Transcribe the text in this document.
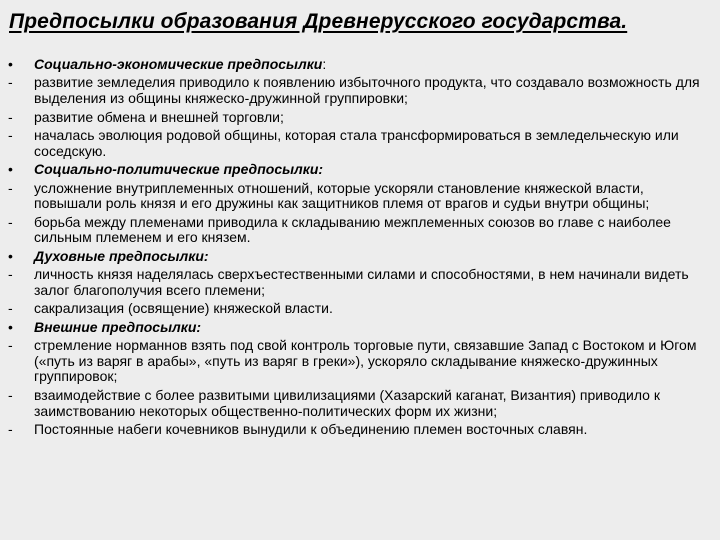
Предпосылки образования Древнерусского государства.
•	Социально-экономические предпосылки:
-	развитие земледелия приводило к появлению избыточного продукта, что создавало возможность для выделения из общины княжеско-дружинной группировки;
-	развитие обмена и внешней торговли;
-	началась эволюция родовой общины, которая стала трансформироваться в земледельческую или соседскую.
•	Социально-политические предпосылки:
-	усложнение внутриплеменных отношений, которые ускоряли становление княжеской власти, повышали роль князя и его дружины как защитников племя от врагов и судьи внутри общины;
-	борьба между племенами приводила к складыванию межплеменных союзов во главе с наиболее сильным племенем и его князем.
•	Духовные предпосылки:
-	личность князя наделялась сверхъестественными силами и способностями, в нем начинали видеть залог благополучия всего племени;
-	сакрализация (освящение) княжеской власти.
•	Внешние предпосылки:
-	стремление норманнов взять под свой контроль торговые пути, связавшие Запад с Востоком и Югом («путь из варяг в арабы», «путь из варяг в греки»), ускоряло складывание княжеско-дружинных группировок;
-	взаимодействие с более развитыми цивилизациями (Хазарский каганат, Византия) приводило к заимствованию некоторых общественно-политических форм их жизни;
-	Постоянные набеги кочевников вынудили к объединению племен восточных славян.
